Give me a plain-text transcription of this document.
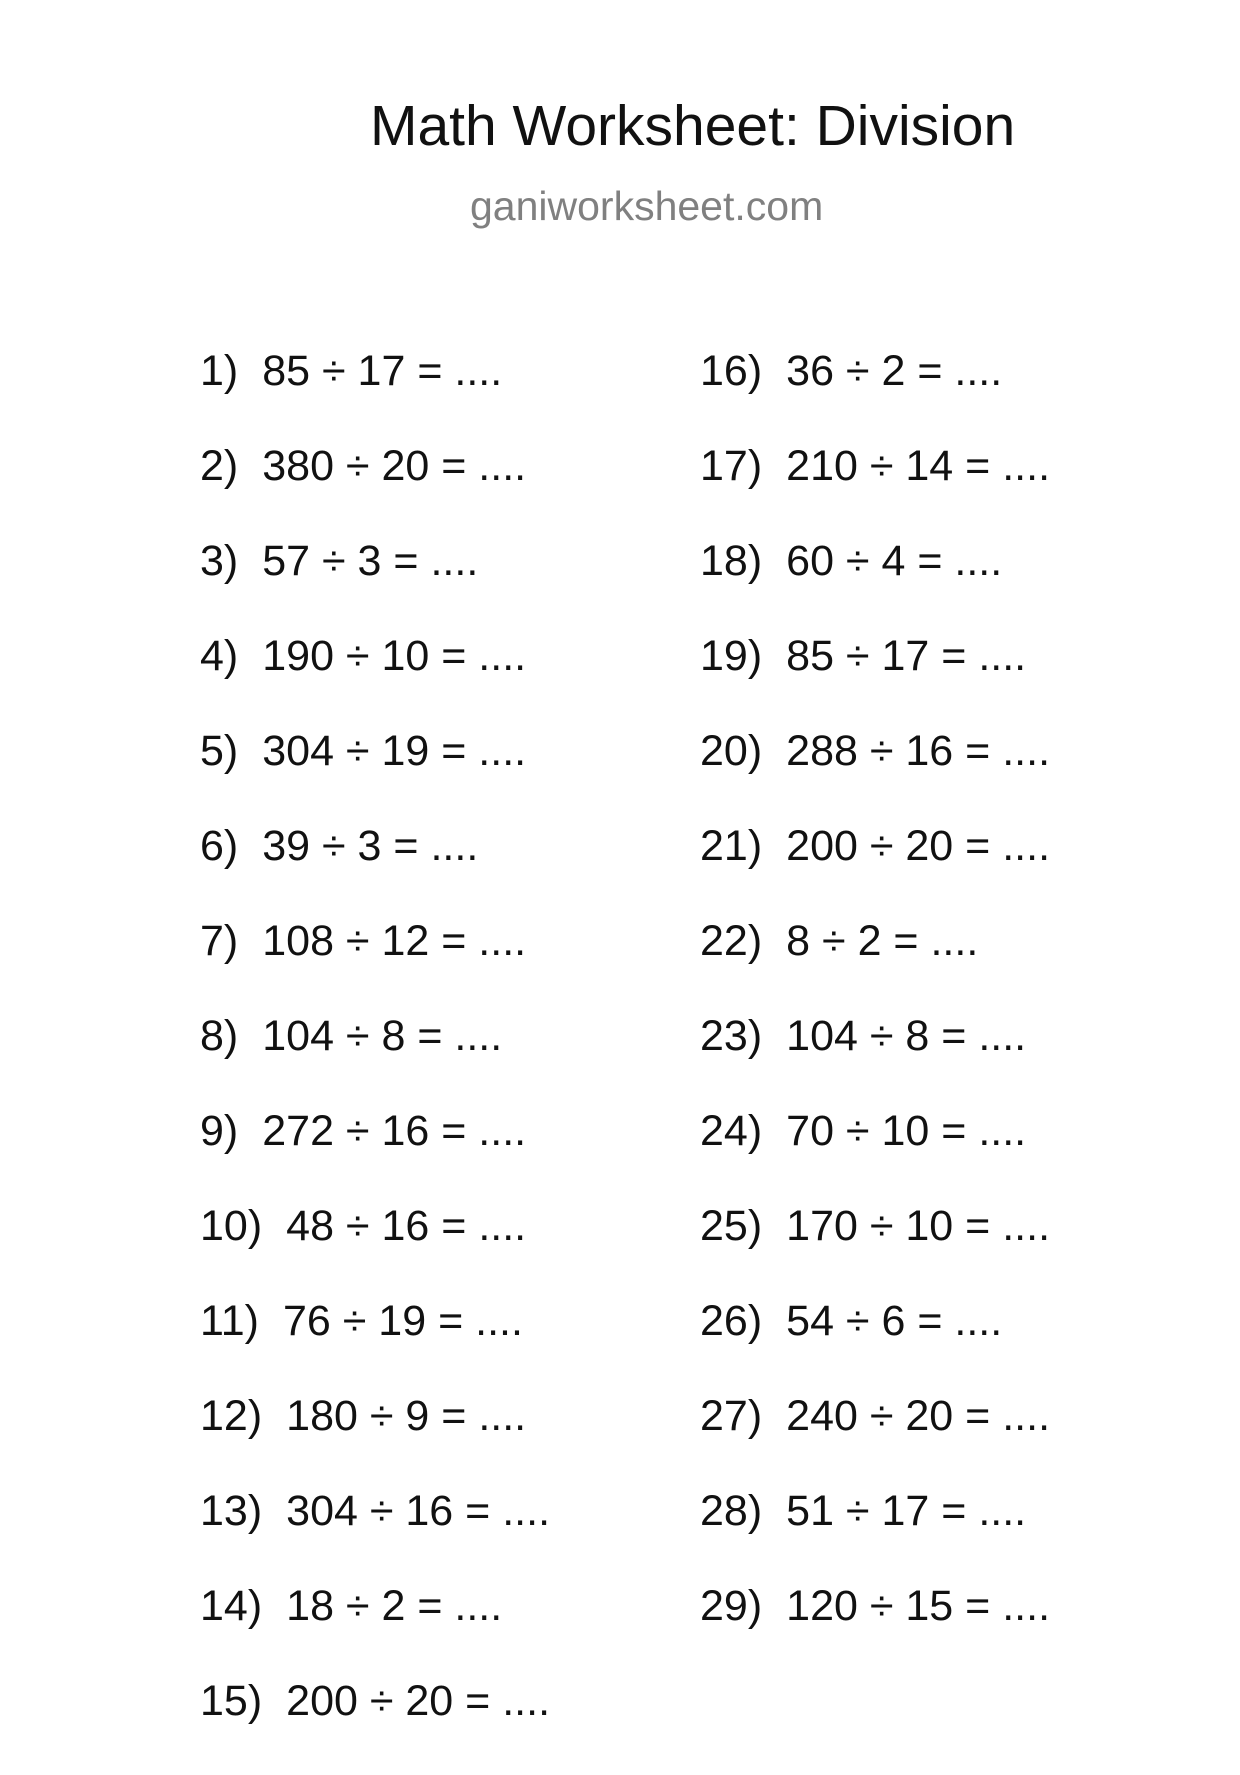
Math Worksheet: Division
ganiworksheet.com
1) 85 ÷ 17 = ....
2) 380 ÷ 20 = ....
3) 57 ÷ 3 = ....
4) 190 ÷ 10 = ....
5) 304 ÷ 19 = ....
6) 39 ÷ 3 = ....
7) 108 ÷ 12 = ....
8) 104 ÷ 8 = ....
9) 272 ÷ 16 = ....
10) 48 ÷ 16 = ....
11) 76 ÷ 19 = ....
12) 180 ÷ 9 = ....
13) 304 ÷ 16 = ....
14) 18 ÷ 2 = ....
15) 200 ÷ 20 = ....
16) 36 ÷ 2 = ....
17) 210 ÷ 14 = ....
18) 60 ÷ 4 = ....
19) 85 ÷ 17 = ....
20) 288 ÷ 16 = ....
21) 200 ÷ 20 = ....
22) 8 ÷ 2 = ....
23) 104 ÷ 8 = ....
24) 70 ÷ 10 = ....
25) 170 ÷ 10 = ....
26) 54 ÷ 6 = ....
27) 240 ÷ 20 = ....
28) 51 ÷ 17 = ....
29) 120 ÷ 15 = ....
